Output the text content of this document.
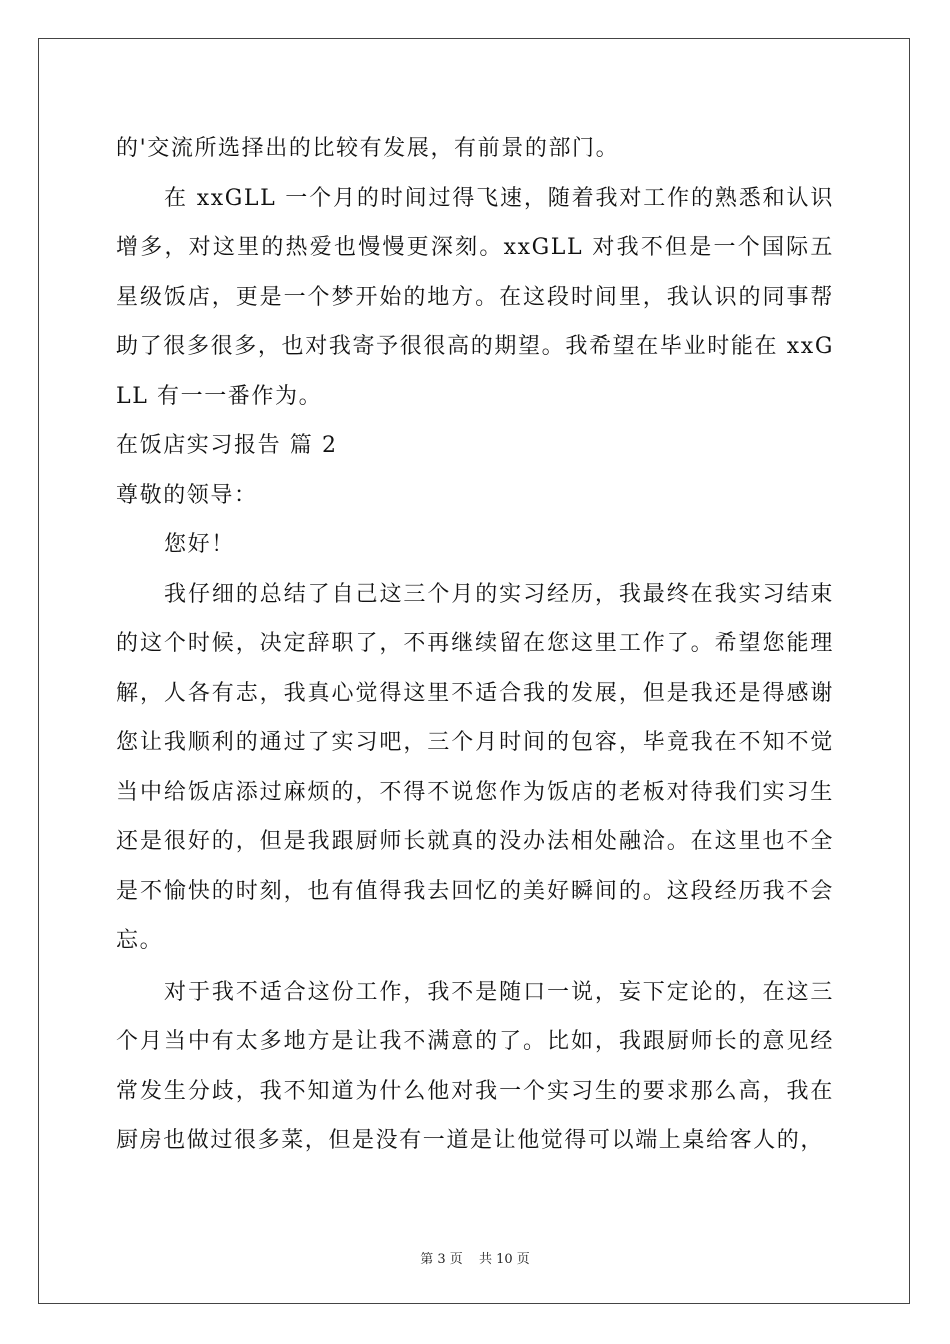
的'交流所选择出的比较有发展，有前景的部门。

在 xxGLL 一个月的时间过得飞速，随着我对工作的熟悉和认识增多，对这里的热爱也慢慢更深刻。xxGLL 对我不但是一个国际五星级饭店，更是一个梦开始的地方。在这段时间里，我认识的同事帮助了很多很多，也对我寄予很很高的期望。我希望在毕业时能在 xxGLL 有一一番作为。

在饭店实习报告 篇 2

尊敬的领导：

您好！

我仔细的总结了自己这三个月的实习经历，我最终在我实习结束的这个时候，决定辞职了，不再继续留在您这里工作了。希望您能理解，人各有志，我真心觉得这里不适合我的发展，但是我还是得感谢您让我顺利的通过了实习吧，三个月时间的包容，毕竟我在不知不觉当中给饭店添过麻烦的，不得不说您作为饭店的老板对待我们实习生还是很好的，但是我跟厨师长就真的没办法相处融洽。在这里也不全是不愉快的时刻，也有值得我去回忆的美好瞬间的。这段经历我不会忘。

对于我不适合这份工作，我不是随口一说，妄下定论的，在这三个月当中有太多地方是让我不满意的了。比如，我跟厨师长的意见经常发生分歧，我不知道为什么他对我一个实习生的要求那么高，我在厨房也做过很多菜，但是没有一道是让他觉得可以端上桌给客人的，

第 3 页 共 10 页
